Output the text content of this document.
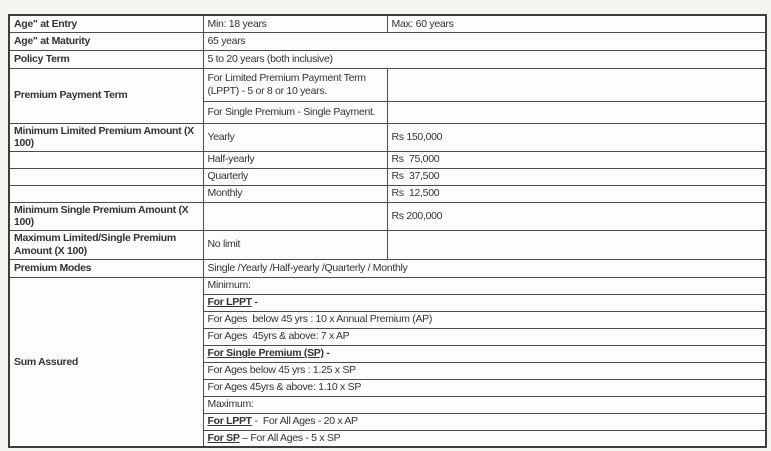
Age" at Entry	Min: 18 years	Max: 60 years
Age" at Maturity	65 years	
Policy Term	5 to 20 years (both inclusive)	
Premium Payment Term	For Limited Premium Payment Term (LPPT) - 5 or 8 or 10 years.	
	For Single Premium - Single Payment.	
Minimum Limited Premium Amount (X 100)	Yearly	Rs 150,000
	Half-yearly	Rs  75,000
	Quarterly	Rs  37,500
	Monthly	Rs  12,500
Minimum Single Premium Amount (X 100)		Rs 200,000
Maximum Limited/Single Premium Amount (X 100)	No limit	
Premium Modes	Single /Yearly /Half-yearly /Quarterly / Monthly	
Sum Assured	Minimum:	
	For LPPT -	
	For Ages  below 45 yrs : 10 x Annual Premium (AP)	
	For Ages  45yrs & above: 7 x AP	
	For Single Premium (SP) -	
	For Ages below 45 yrs : 1.25 x SP	
	For Ages 45yrs & above: 1.10 x SP	
	Maximum:	
	For LPPT -  For All Ages - 20 x AP	
	For SP – For All Ages - 5 x SP	
